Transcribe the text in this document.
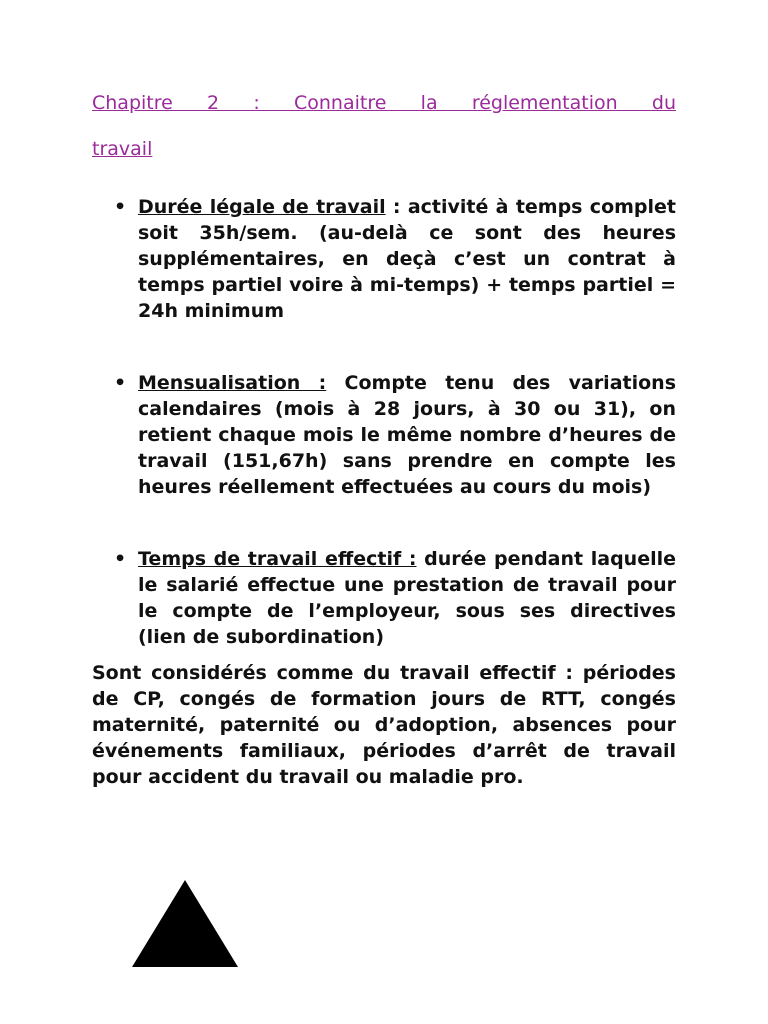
Chapitre 2 : Connaitre la réglementation du

travail

• Durée légale de travail : activité à temps complet soit 35h/sem. (au-delà ce sont des heures supplémentaires, en deçà c’est un contrat à temps partiel voire à mi-temps) + temps partiel = 24h minimum
• Mensualisation : Compte tenu des variations calendaires (mois à 28 jours, à 30 ou 31), on retient chaque mois le même nombre d’heures de travail (151,67h) sans prendre en compte les heures réellement effectuées au cours du mois)
• Temps de travail effectif : durée pendant laquelle le salarié effectue une prestation de travail pour le compte de l’employeur, sous ses directives (lien de subordination)

Sont considérés comme du travail effectif : périodes de CP, congés de formation jours de RTT, congés maternité, paternité ou d’adoption, absences pour événements familiaux, périodes d’arrêt de travail pour accident du travail ou maladie pro.
